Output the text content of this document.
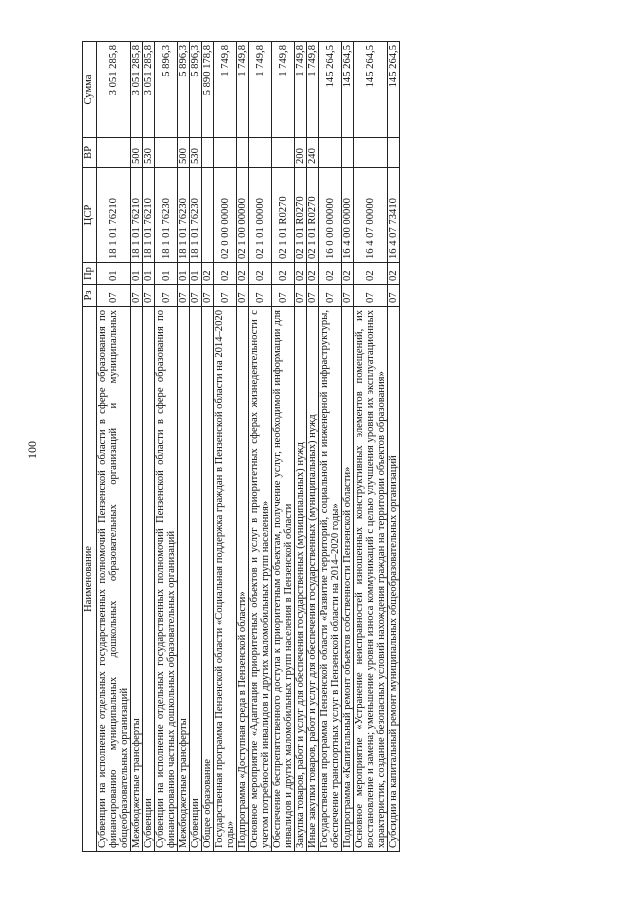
100
Наименование	Рз	Пр	ЦСР	ВР	Сумма
Субвенции на исполнение отдельных государственных полномочий Пензенской области в сфере образования по финансированию муниципальных дошкольных образовательных организаций и муниципальных общеобразовательных организаций	07	01	18 1 01 76210		3 051 285,8
Межбюджетные трансферты	07	01	18 1 01 76210	500	3 051 285,8
Субвенции	07	01	18 1 01 76210	530	3 051 285,8
Субвенции на исполнение отдельных государственных полномочий Пензенской области в сфере образования по финансированию частных дошкольных образовательных организаций	07	01	18 1 01 76230		5 896,3
Межбюджетные трансферты	07	01	18 1 01 76230	500	5 896,3
Субвенции	07	01	18 1 01 76230	530	5 896,3
Общее образование	07	02			5 890 178,8
Государственная программа Пензенской области «Социальная поддержка граждан в Пензенской области на 2014–2020 годы»	07	02	02 0 00 00000		1 749,8
Подпрограмма «Доступная среда в Пензенской области»	07	02	02 1 00 00000		1 749,8
Основное мероприятие «Адаптация приоритетных объектов и услуг в приоритетных сферах жизнедеятельности с учетом потребностей инвалидов и других маломобильных групп населения»	07	02	02 1 01 00000		1 749,8
Обеспечение беспрепятственного доступа к приоритетным объектам, получение услуг, необходимой информации для инвалидов и других маломобильных групп населения в Пензенской области	07	02	02 1 01 R0270		1 749,8
Закупка товаров, работ и услуг для обеспечения государственных (муниципальных) нужд	07	02	02 1 01 R0270	200	1 749,8
Иные закупки товаров, работ и услуг для обеспечения государственных (муниципальных) нужд	07	02	02 1 01 R0270	240	1 749,8
Государственная программа Пензенской области «Развитие территорий, социальной и инженерной инфраструктуры, обеспечение транспортных услуг в Пензенской области на 2014–2020 годы»	07	02	16 0 00 00000		145 264,5
Подпрограмма «Капитальный ремонт объектов собственности Пензенской области»	07	02	16 4 00 00000		145 264,5
Основное мероприятие «Устранение неисправностей изношенных конструктивных элементов помещений, их восстановление и замена; уменьшение уровня износа коммуникаций с целью улучшения уровня их эксплуатационных характеристик, создание безопасных условий нахождения граждан на территории объектов образования»	07	02	16 4 07 00000		145 264,5
Субсидии на капитальный ремонт муниципальных общеобразовательных организаций	07	02	16 4 07 73410		145 264,5
